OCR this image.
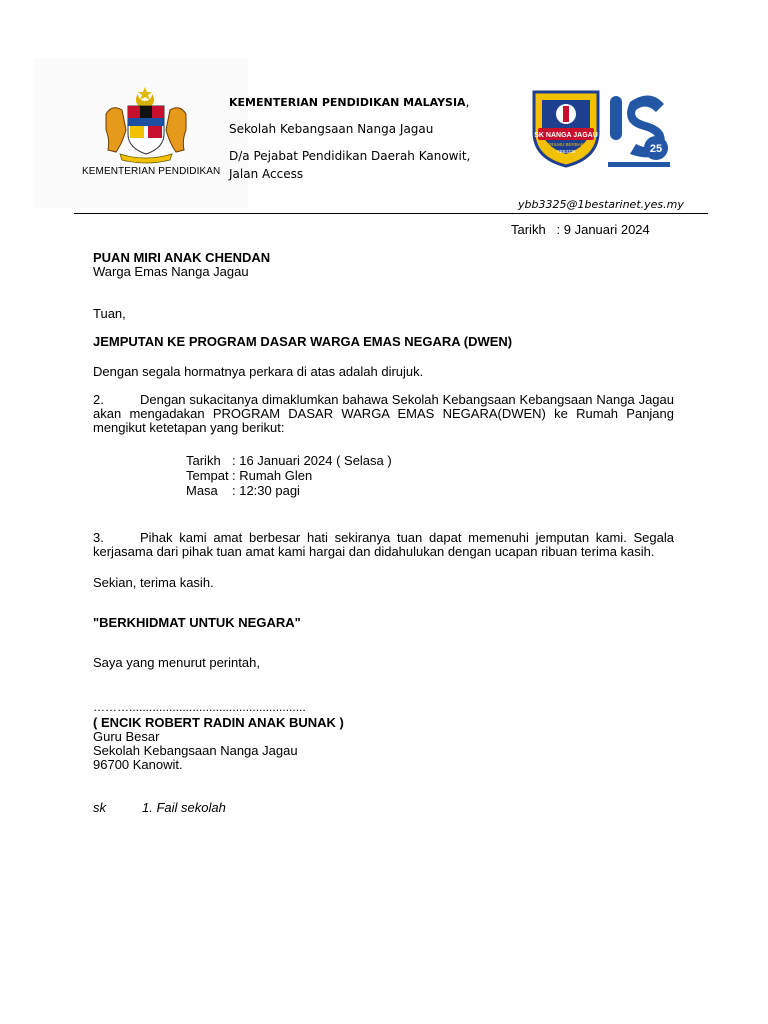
KEMENTERIAN PENDIDIKAN
KEMENTERIAN PENDIDIKAN MALAYSIA,
Sekolah Kebangsaan Nanga Jagau
D/a Pejabat Pendidikan Daerah Kanowit,
Jalan Access
SK NANGA JAGAU
BERILMU BERBAKTI
YBB3325	25
ybb3325@1bestarinet.yes.my
Tarikh : 9 Januari 2024
PUAN MIRI ANAK CHENDAN
Warga Emas Nanga Jagau
Tuan,
JEMPUTAN KE PROGRAM DASAR WARGA EMAS NEGARA (DWEN)
Dengan segala hormatnya perkara di atas adalah dirujuk.
2.	Dengan sukacitanya dimaklumkan bahawa Sekolah Kebangsaan Kebangsaan Nanga Jagau akan mengadakan PROGRAM DASAR WARGA EMAS NEGARA(DWEN) ke Rumah Panjang mengikut ketetapan yang berikut:
Tarikh : 16 Januari 2024 ( Selasa )
Tempat : Rumah Glen
Masa : 12:30 pagi
3.	Pihak kami amat berbesar hati sekiranya tuan dapat memenuhi jemputan kami. Segala kerjasama dari pihak tuan amat kami hargai dan didahulukan dengan ucapan ribuan terima kasih.
Sekian, terima kasih.
"BERKHIDMAT UNTUK NEGARA"
Saya yang menurut perintah,
……….....................................................
( ENCIK ROBERT RADIN ANAK BUNAK )
Guru Besar
Sekolah Kebangsaan Nanga Jagau
96700 Kanowit.
sk	1. Fail sekolah
